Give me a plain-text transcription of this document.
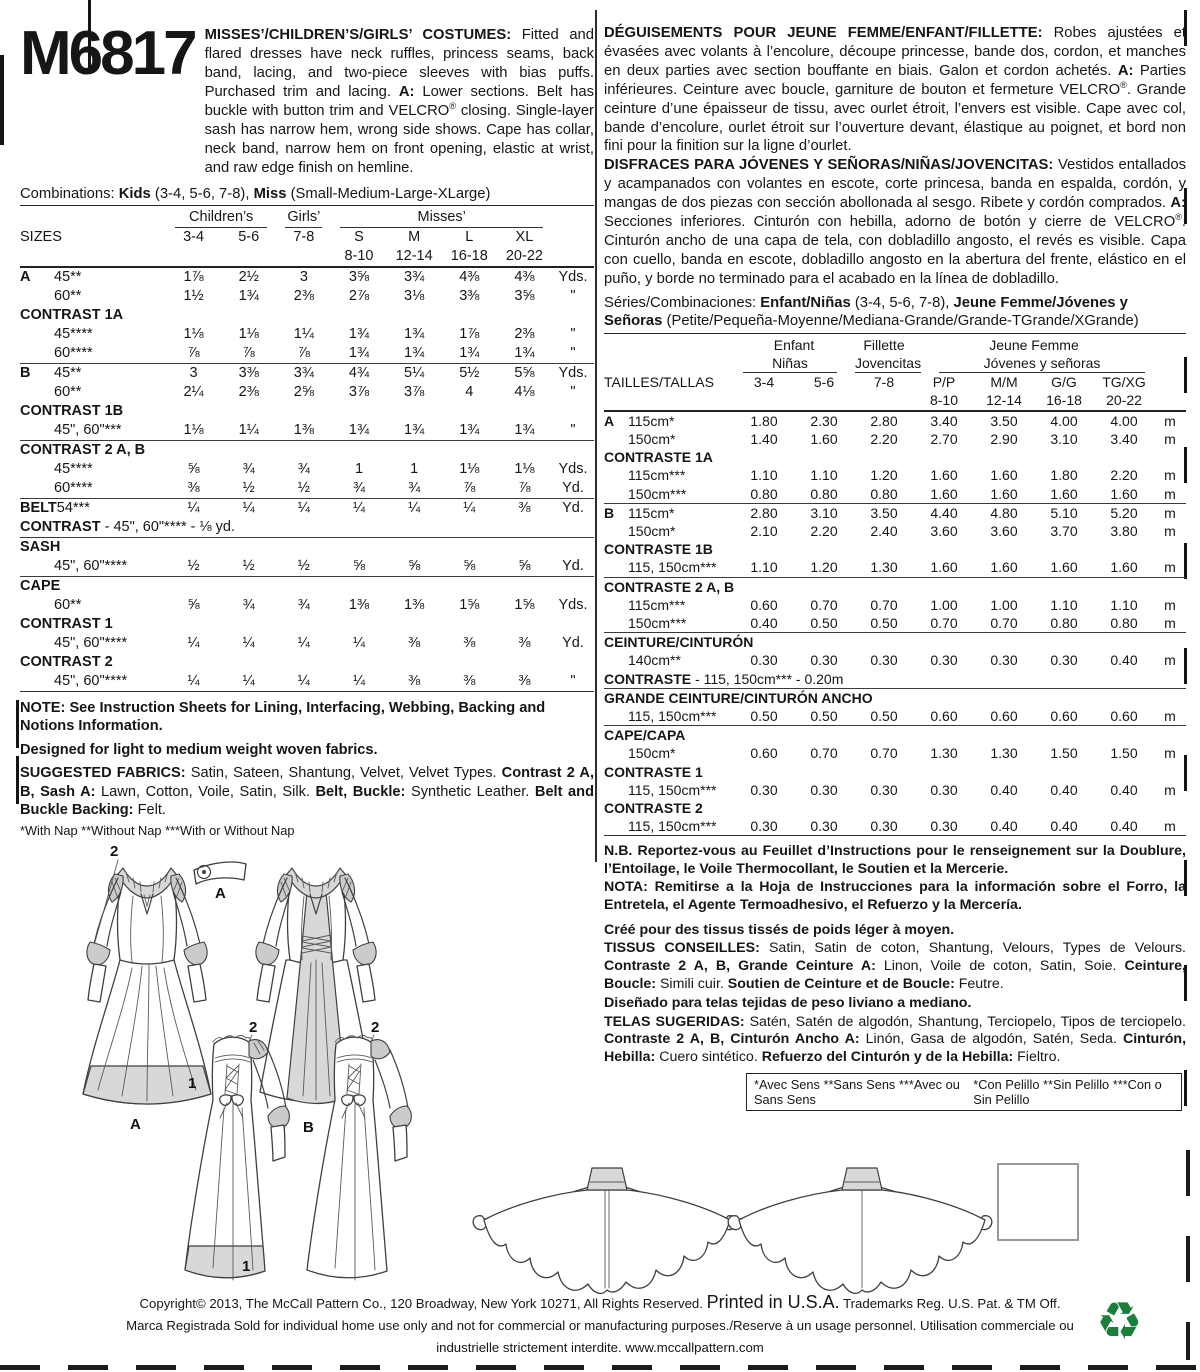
M6817 MISSES’/CHILDREN’S/GIRLS’ COSTUMES: Fitted and flared dresses have neck ruffles, princess seams, back band, lacing, and two-piece sleeves with bias puffs. Purchased trim and lacing. A: Lower sections. Belt has buckle with button trim and VELCRO® closing. Single-layer sash has narrow hem, wrong side shows. Cape has collar, neck band, narrow hem on front opening, elastic at wrist, and raw edge finish on hemline.
Combinations: Kids (3-4, 5-6, 7-8), Miss (Small-Medium-Large-XLarge)
Children’s	Girls’	Misses’
SIZES	3-4	5-6	7-8	S	M	L	XL
8-10	12-14	16-18	20-22
A 45**	1⅞	2½	3	3⅝	3¾	4⅜	4⅜	Yds.
60**	1½	1¾	2⅜	2⅞	3⅛	3⅜	3⅝	"
CONTRAST 1A
45****	1⅛	1⅛	1¼	1¾	1¾	1⅞	2⅜	"
60****	⅞	⅞	⅞	1¾	1¾	1¾	1¾	"
B 45**	3	3⅜	3¾	4¾	5¼	5½	5⅝	Yds.
60**	2¼	2⅜	2⅝	3⅞	3⅞	4	4⅛	"
CONTRAST 1B
45", 60"***	1⅛	1¼	1⅜	1¾	1¾	1¾	1¾	"
CONTRAST 2 A, B
45****	⅝	¾	¾	1	1	1⅛	1⅛	Yds.
60****	⅜	½	½	¾	¾	⅞	⅞	Yd.
BELT54***	¼	¼	¼	¼	¼	¼	⅜	Yd.
CONTRAST - 45", 60"**** - ⅛ yd.
SASH
45", 60"****	½	½	½	⅝	⅝	⅝	⅝	Yd.
CAPE
60**	⅝	¾	¾	1⅜	1⅜	1⅝	1⅝	Yds.
CONTRAST 1
45", 60"****	¼	¼	¼	¼	⅜	⅜	⅜	Yd.
CONTRAST 2
45", 60"****	¼	¼	¼	¼	⅜	⅜	⅜	"
NOTE: See Instruction Sheets for Lining, Interfacing, Webbing, Backing and Notions Information.
Designed for light to medium weight woven fabrics.
SUGGESTED FABRICS: Satin, Sateen, Shantung, Velvet, Velvet Types. Contrast 2 A, B, Sash A: Lawn, Cotton, Voile, Satin, Silk. Belt, Buckle: Synthetic Leather. Belt and Buckle Backing: Felt.
*With Nap **Without Nap ***With or Without Nap
DÉGUISEMENTS POUR JEUNE FEMME/ENFANT/FILLETTE: Robes ajustées et évasées avec volants à l’encolure, découpe princesse, bande dos, cordon, et manches en deux parties avec section bouffante en biais. Galon et cordon achetés. A: Parties inférieures. Ceinture avec boucle, garniture de bouton et fermeture VELCRO®. Grande ceinture d’une épaisseur de tissu, avec ourlet étroit, l’envers est visible. Cape avec col, bande d’encolure, ourlet étroit sur l’ouverture devant, élastique au poignet, et bord non fini pour la finition sur la ligne d’ourlet.
DISFRACES PARA JÓVENES Y SEÑORAS/NIÑAS/JOVENCITAS: Vestidos entallados y acampanados con volantes en escote, corte princesa, banda en espalda, cordón, y mangas de dos piezas con sección abollonada al sesgo. Ribete y cordón comprados. A: Secciones inferiores. Cinturón con hebilla, adorno de botón y cierre de VELCRO®. Cinturón ancho de una capa de tela, con dobladillo angosto, el revés es visible. Capa con cuello, banda en escote, dobladillo angosto en la abertura del frente, elástico en el puño, y borde no terminado para el acabado en la línea de dobladillo.
Séries/Combinaciones: Enfant/Niñas (3-4, 5-6, 7-8), Jeune Femme/Jóvenes y Señoras (Petite/Pequeña-Moyenne/Mediana-Grande/Grande-TGrande/XGrande)
Enfant	Fillette	Jeune Femme
Niñas	Jovencitas	Jóvenes y señoras
TAILLES/TALLAS	3-4	5-6	7-8	P/P	M/M	G/G	TG/XG
8-10	12-14	16-18	20-22
A 115cm*	1.80	2.30	2.80	3.40	3.50	4.00	4.00	m
150cm*	1.40	1.60	2.20	2.70	2.90	3.10	3.40	m
CONTRASTE 1A
115cm***	1.10	1.10	1.20	1.60	1.60	1.80	2.20	m
150cm***	0.80	0.80	0.80	1.60	1.60	1.60	1.60	m
B 115cm*	2.80	3.10	3.50	4.40	4.80	5.10	5.20	m
150cm*	2.10	2.20	2.40	3.60	3.60	3.70	3.80	m
CONTRASTE 1B
115, 150cm***	1.10	1.20	1.30	1.60	1.60	1.60	1.60	m
CONTRASTE 2 A, B
115cm***	0.60	0.70	0.70	1.00	1.00	1.10	1.10	m
150cm***	0.40	0.50	0.50	0.70	0.70	0.80	0.80	m
CEINTURE/CINTURÓN
140cm**	0.30	0.30	0.30	0.30	0.30	0.30	0.40	m
CONTRASTE - 115, 150cm*** - 0.20m
GRANDE CEINTURE/CINTURÓN ANCHO
115, 150cm***	0.50	0.50	0.50	0.60	0.60	0.60	0.60	m
CAPE/CAPA
150cm*	0.60	0.70	0.70	1.30	1.30	1.50	1.50	m
CONTRASTE 1
115, 150cm***	0.30	0.30	0.30	0.30	0.40	0.40	0.40	m
CONTRASTE 2
115, 150cm***	0.30	0.30	0.30	0.30	0.40	0.40	0.40	m
N.B. Reportez-vous au Feuillet d’Instructions pour le renseignement sur la Doublure, l’Entoilage, le Voile Thermocollant, le Soutien et la Mercerie.
NOTA: Remitirse a la Hoja de Instrucciones para la información sobre el Forro, la Entretela, el Agente Termoadhesivo, el Refuerzo y la Mercería.
Créé pour des tissus tissés de poids léger à moyen.
TISSUS CONSEILLES: Satin, Satin de coton, Shantung, Velours, Types de Velours. Contraste 2 A, B, Grande Ceinture A: Linon, Voile de coton, Satin, Soie. Ceinture, Boucle: Simili cuir. Soutien de Ceinture et de Boucle: Feutre.
Diseñado para telas tejidas de peso liviano a mediano.
TELAS SUGERIDAS: Satén, Satén de algodón, Shantung, Terciopelo, Tipos de terciopelo. Contraste 2 A, B, Cinturón Ancho A: Linón, Gasa de algodón, Satén, Seda. Cinturón, Hebilla: Cuero sintético. Refuerzo del Cinturón y de la Hebilla: Fieltro.
*Avec Sens **Sans Sens ***Avec ou Sans Sens
*Con Pelillo **Sin Pelillo ***Con o Sin Pelillo
2
A
1
A
B
2
1
2
Copyright© 2013, The McCall Pattern Co., 120 Broadway, New York 10271, All Rights Reserved. Printed in U.S.A. Trademarks Reg. U.S. Pat. & TM Off.
Marca Registrada Sold for individual home use only and not for commercial or manufacturing purposes./Reserve à un usage personnel. Utilisation commerciale ou
industrielle strictement interdite. www.mccallpattern.com	♻
